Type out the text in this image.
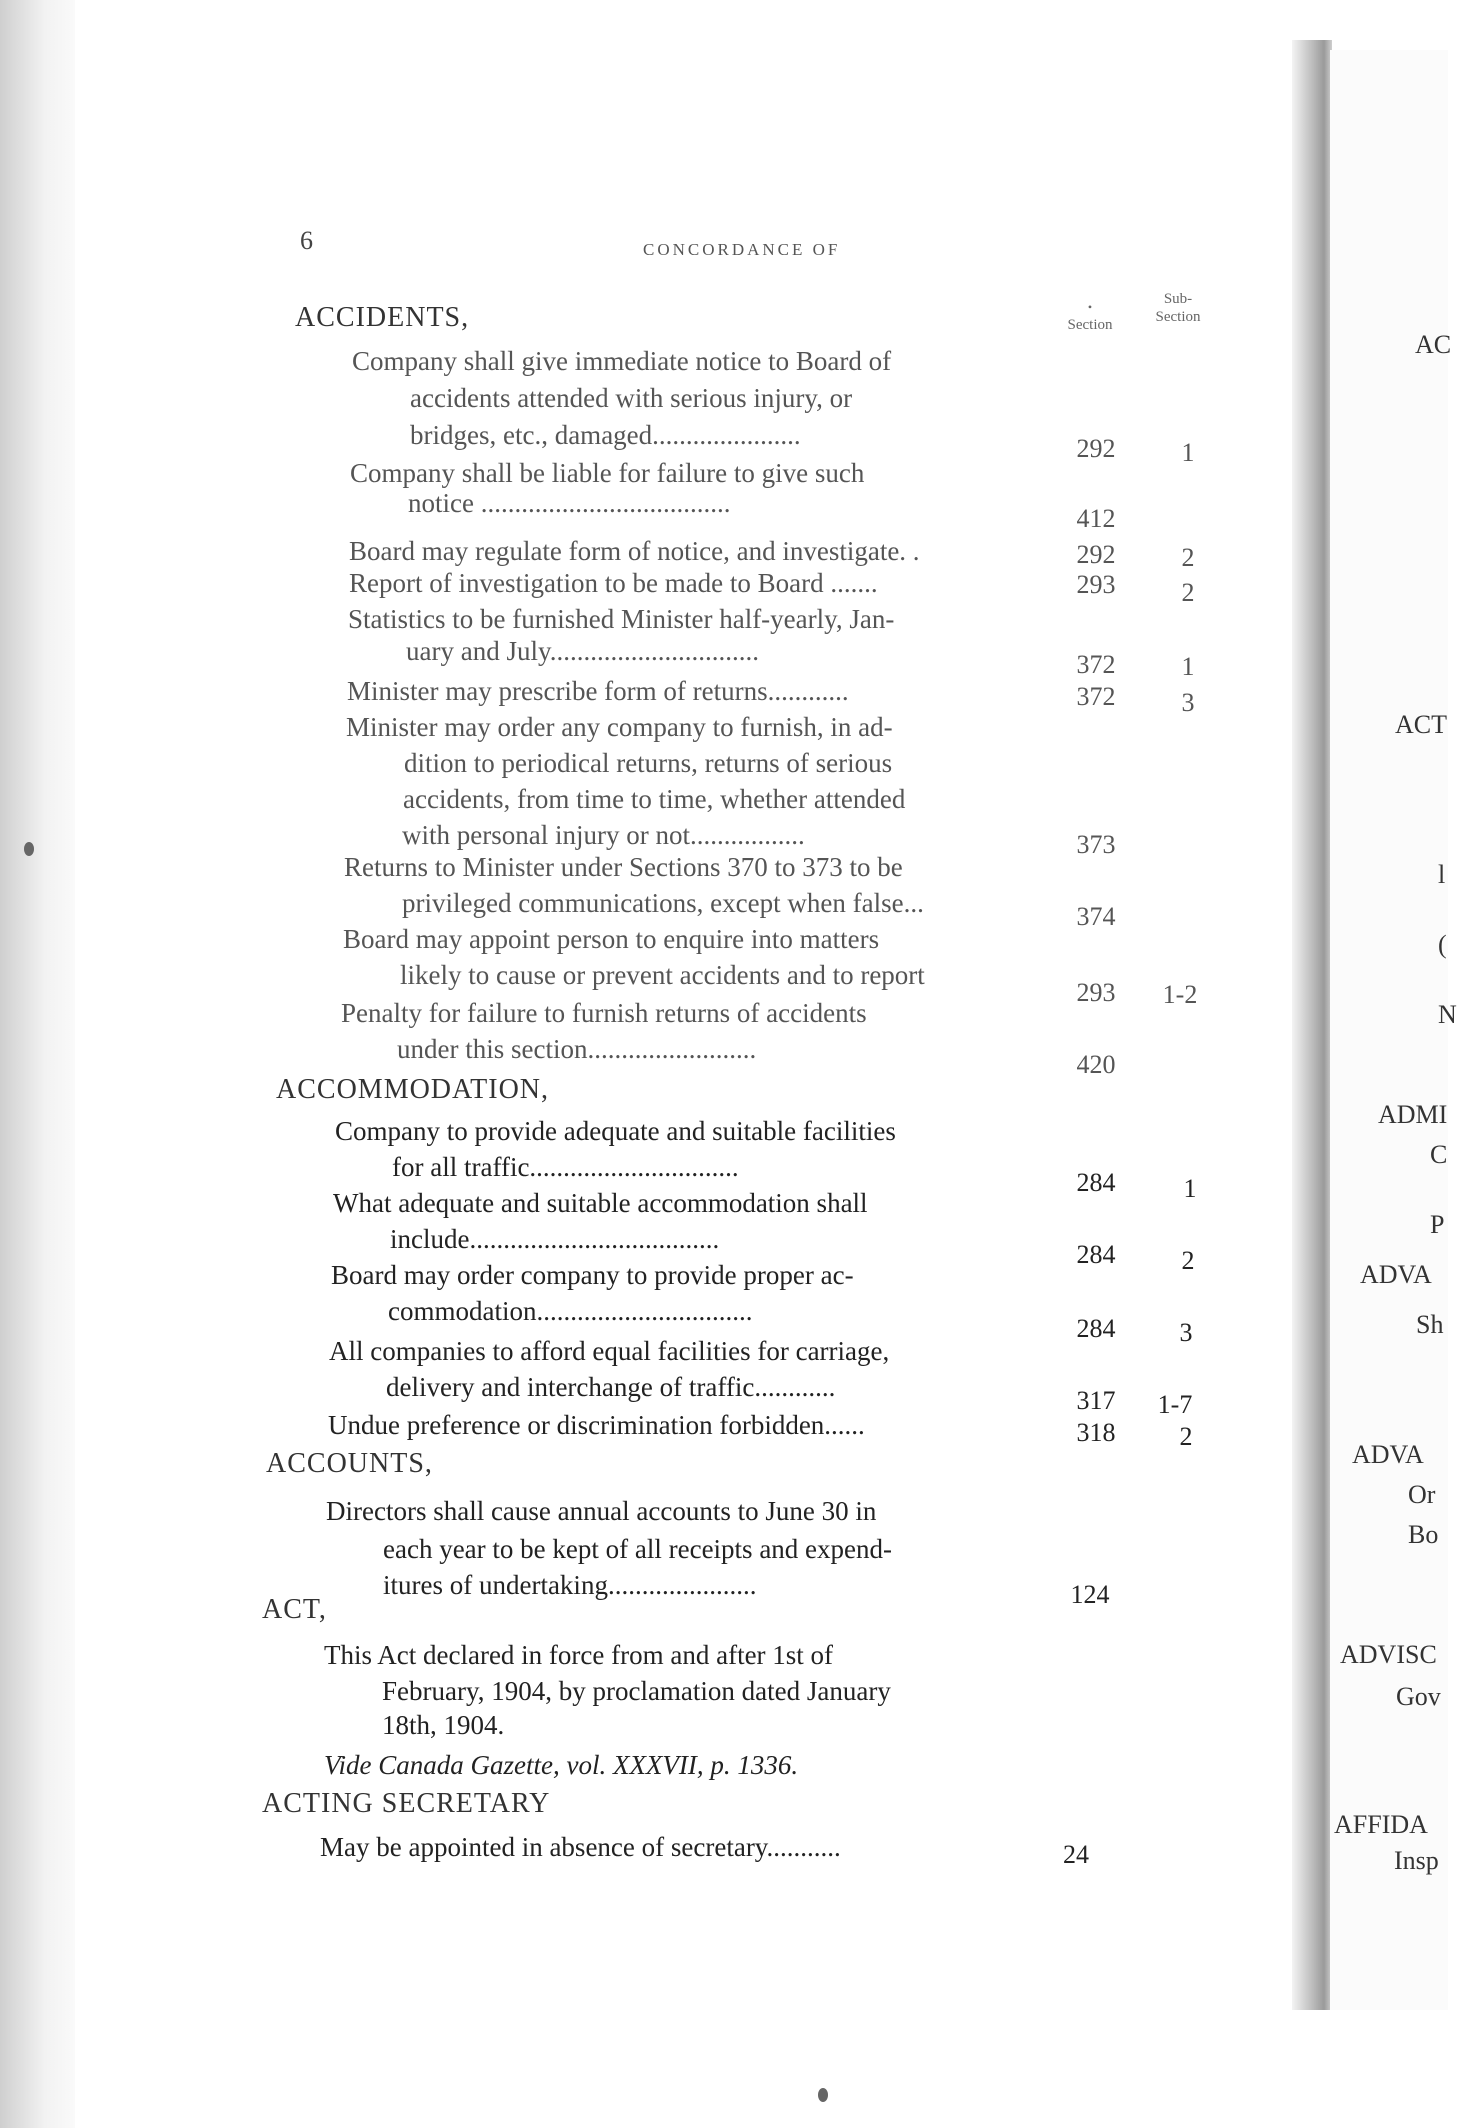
AC
ACT
l
(
N
ADMI
C
P
ADVA
Sh
ADVA
Or
Bo
ADVISC
Gov
AFFIDA
Insp
6	CONCORDANCE OF
•
Section
Sub-
Section
ACCIDENTS,
Company shall give immediate notice to Board of
accidents attended with serious injury, or
bridges, etc., damaged......................	292	1
Company shall be liable for failure to give such
notice .....................................
412
Board may regulate form of notice, and investigate. .	292	2
Report of investigation to be made to Board .......	293	2
Statistics to be furnished Minister half-yearly, Jan-
uary and July...............................	372	1
Minister may prescribe form of returns............	372	3
Minister may order any company to furnish, in ad-
dition to periodical returns, returns of serious
accidents, from time to time, whether attended
with personal injury or not.................	373
Returns to Minister under Sections 370 to 373 to be
privileged communications, except when false...	374
Board may appoint person to enquire into matters
likely to cause or prevent accidents and to report
293	1-2
Penalty for failure to furnish returns of accidents
under this section.........................
420
ACCOMMODATION,
Company to provide adequate and suitable facilities
for all traffic...............................
284	1
What adequate and suitable accommodation shall
include.....................................
284	2
Board may order company to provide proper ac-
commodation................................
284	3
All companies to afford equal facilities for carriage,
delivery and interchange of traffic............	317	1-7
Undue preference or discrimination forbidden......	318	2
ACCOUNTS,
Directors shall cause annual accounts to June 30 in
each year to be kept of all receipts and expend-
itures of undertaking......................	124
ACT,
This Act declared in force from and after 1st of
February, 1904, by proclamation dated January
18th, 1904.
Vide Canada Gazette, vol. XXXVII, p. 1336.
ACTING SECRETARY
May be appointed in absence of secretary...........	24
